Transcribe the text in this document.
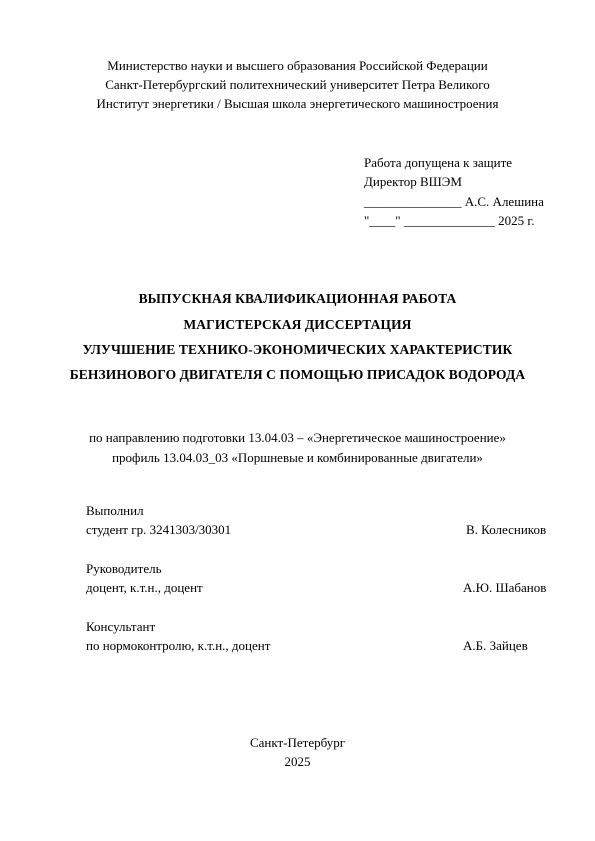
Министерство науки и высшего образования Российской Федерации
Санкт-Петербургский политехнический университет Петра Великого
Институт энергетики / Высшая школа энергетического машиностроения
Работа допущена к защите
Директор ВШЭМ
_______________ А.С. Алешина
"____" ______________ 2025 г.
ВЫПУСКНАЯ КВАЛИФИКАЦИОННАЯ РАБОТА
МАГИСТЕРСКАЯ ДИССЕРТАЦИЯ
УЛУЧШЕНИЕ ТЕХНИКО-ЭКОНОМИЧЕСКИХ ХАРАКТЕРИСТИК
БЕНЗИНОВОГО ДВИГАТЕЛЯ С ПОМОЩЬЮ ПРИСАДОК ВОДОРОДА
по направлению подготовки 13.04.03 – «Энергетическое машиностроение»
профиль 13.04.03_03 «Поршневые и комбинированные двигатели»
Выполнил
студент гр. 3241303/30301	В. Колесников
Руководитель
доцент, к.т.н., доцент	А.Ю. Шабанов
Консультант
по нормоконтролю, к.т.н., доцент	А.Б. Зайцев
Санкт-Петербург
2025
